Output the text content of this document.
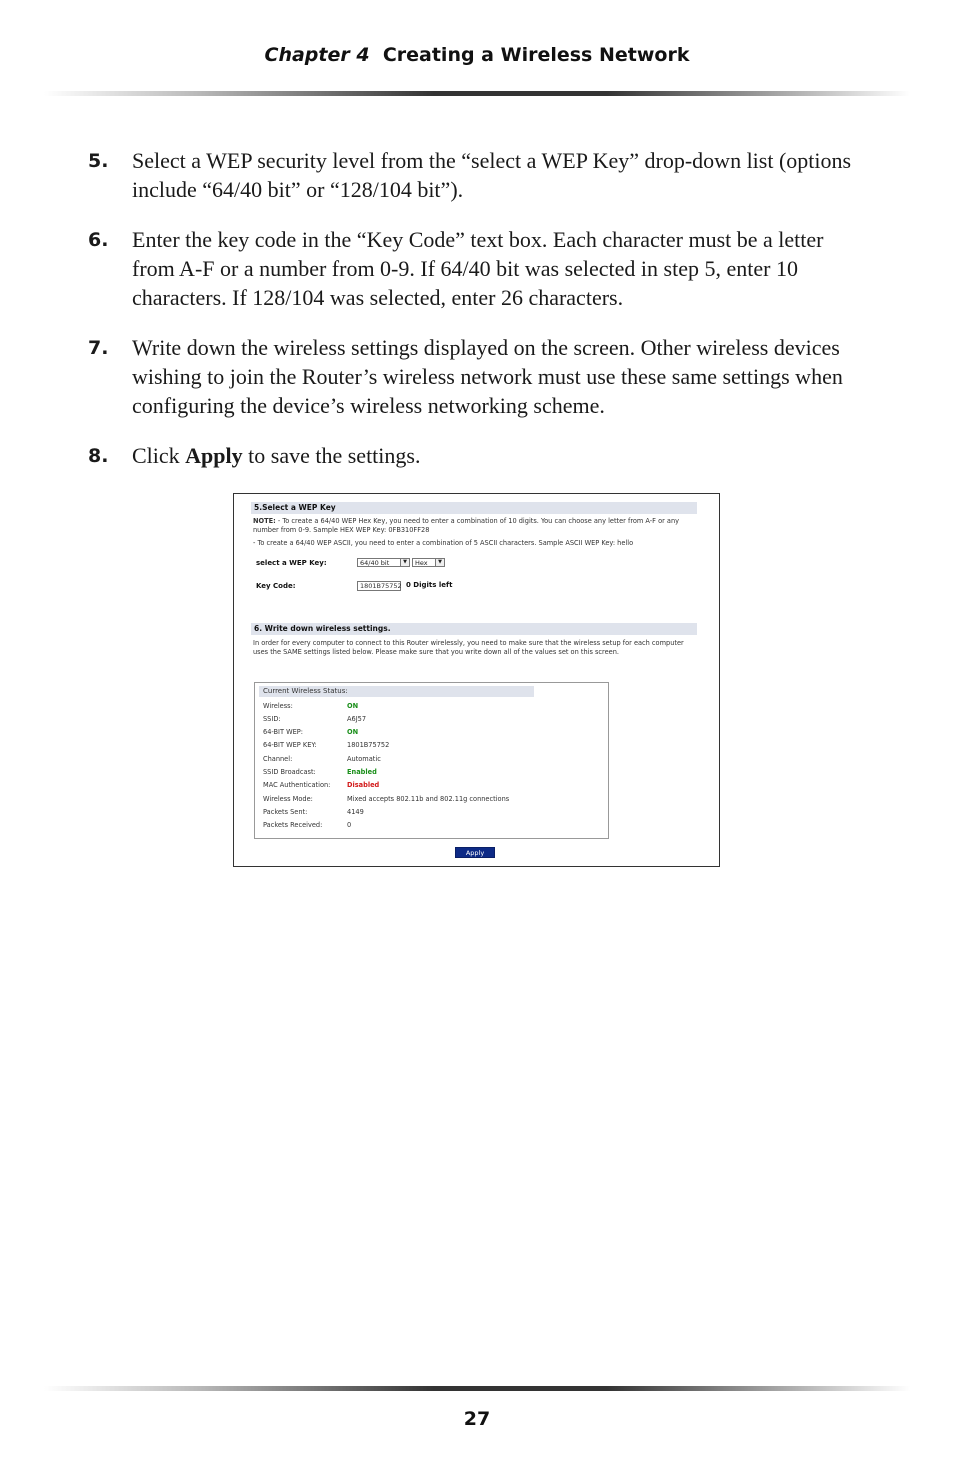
Chapter 4 Creating a Wireless Network
5. Select a WEP security level from the “select a WEP Key” drop-down list (options include “64/40 bit” or “128/104 bit”).
6. Enter the key code in the “Key Code” text box. Each character must be a letter from A-F or a number from 0-9. If 64/40 bit was selected in step 5, enter 10 characters. If 128/104 was selected, enter 26 characters.
7. Write down the wireless settings displayed on the screen. Other wireless devices wishing to join the Router’s wireless network must use these same settings when configuring the device’s wireless networking scheme.
8. Click Apply to save the settings.
5.Select a WEP Key
NOTE: - To create a 64/40 WEP Hex Key, you need to enter a combination of 10 digits. You can choose any letter from A-F or any number from 0-9. Sample HEX WEP Key: 0FB310FF28
- To create a 64/40 WEP ASCII, you need to enter a combination of 5 ASCII characters. Sample ASCII WEP Key: hello
select a WEP Key:	64/40 bit	▼	Hex	▼
Key Code:	1801B75752 0 Digits left
6. Write down wireless settings.
In order for every computer to connect to this Router wirelessly, you need to make sure that the wireless setup for each computer uses the SAME settings listed below. Please make sure that you write down all of the values set on this screen.
Current Wireless Status:
Wireless:	ON
SSID:	A6J57
64-BIT WEP:	ON
64-BIT WEP KEY:	1801B75752
Channel:	Automatic
SSID Broadcast:	Enabled
MAC Authentication:	Disabled
Wireless Mode:	Mixed accepts 802.11b and 802.11g connections
Packets Sent:	4149
Packets Received:	0
Apply
27
